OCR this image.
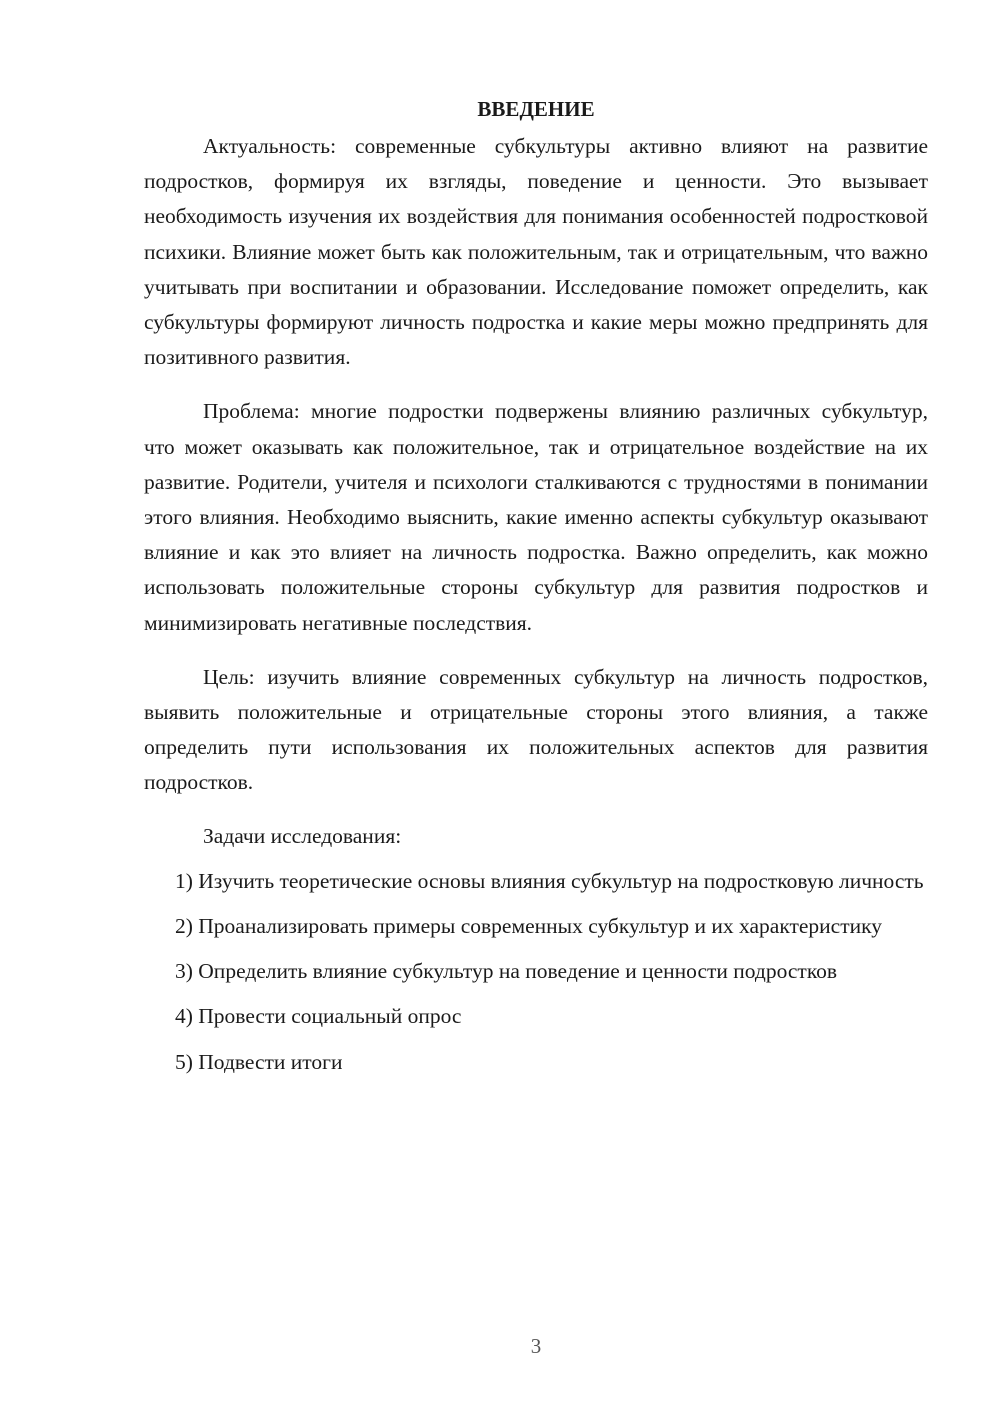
ВВЕДЕНИЕ

Актуальность: современные субкультуры активно влияют на развитие подростков, формируя их взгляды, поведение и ценности. Это вызывает необходимость изучения их воздействия для понимания особенностей подростковой психики. Влияние может быть как положительным, так и отрицательным, что важно учитывать при воспитании и образовании. Исследование поможет определить, как субкультуры формируют личность подростка и какие меры можно предпринять для позитивного развития.

Проблема: многие подростки подвержены влиянию различных субкультур, что может оказывать как положительное, так и отрицательное воздействие на их развитие. Родители, учителя и психологи сталкиваются с трудностями в понимании этого влияния. Необходимо выяснить, какие именно аспекты субкультур оказывают влияние и как это влияет на личность подростка. Важно определить, как можно использовать положительные стороны субкультур для развития подростков и минимизировать негативные последствия.

Цель: изучить влияние современных субкультур на личность подростков, выявить положительные и отрицательные стороны этого влияния, а также определить пути использования их положительных аспектов для развития подростков.

Задачи исследования:

1) Изучить теоретические основы влияния субкультур на подростковую личность

2) Проанализировать примеры современных субкультур и их характеристику

3) Определить влияние субкультур на поведение и ценности подростков

4) Провести социальный опрос

5) Подвести итоги

3
